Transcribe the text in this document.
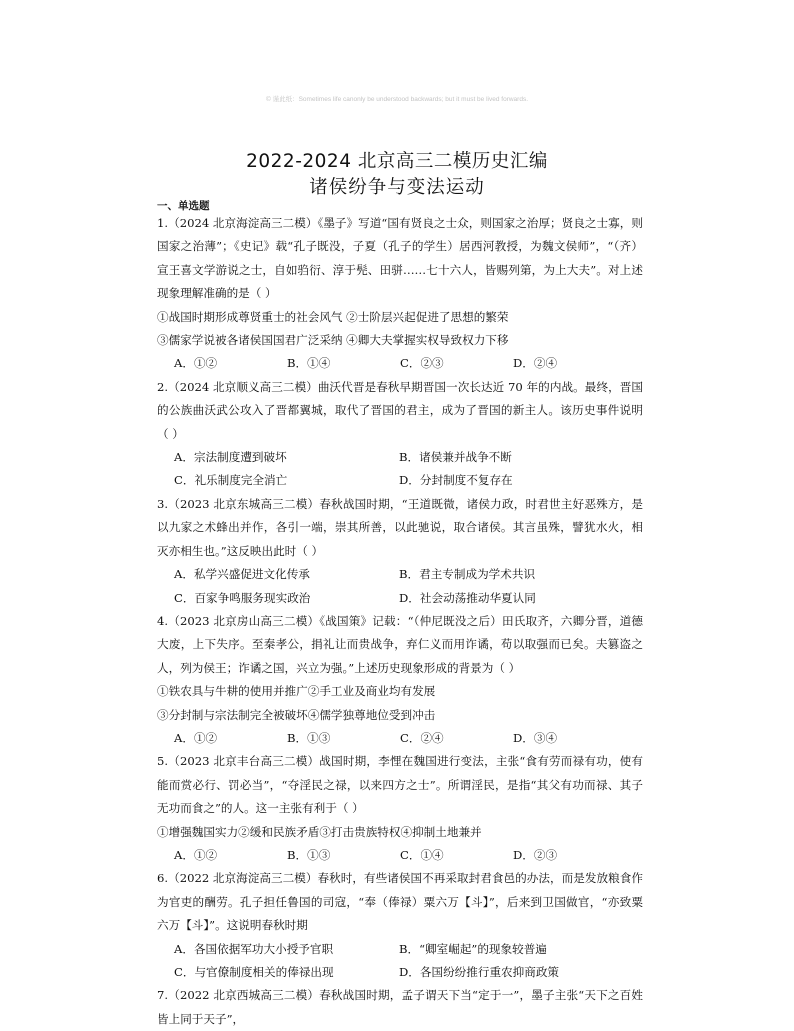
© 谨此纸：Sometimes life canonly be understood backwards; but it must be lived forwards.
2022-2024 北京高三二模历史汇编
诸侯纷争与变法运动
一、单选题
1.（2024 北京海淀高三二模）《墨子》写道“国有贤良之士众，则国家之治厚；贤良之士寡，则国家之治薄”；《史记》载“孔子既没，子夏（孔子的学生）居西河教授，为魏文侯师”，“（齐）宣王喜文学游说之士，自如驺衍、淳于髡、田骈……七十六人，皆赐列第，为上大夫”。对上述现象理解准确的是（ ）
①战国时期形成尊贤重士的社会风气 ②士阶层兴起促进了思想的繁荣
③儒家学说被各诸侯国国君广泛采纳 ④卿大夫掌握实权导致权力下移
A．①②	B．①④	C．②③	D．②④
2.（2024 北京顺义高三二模）曲沃代晋是春秋早期晋国一次长达近 70 年的内战。最终，晋国的公族曲沃武公攻入了晋都翼城，取代了晋国的君主，成为了晋国的新主人。该历史事件说明（ ）
A．宗法制度遭到破坏	B．诸侯兼并战争不断
C．礼乐制度完全消亡	D．分封制度不复存在
3.（2023 北京东城高三二模）春秋战国时期，“王道既微，诸侯力政，时君世主好恶殊方，是以九家之术蜂出并作，各引一端，崇其所善，以此驰说，取合诸侯。其言虽殊，譬犹水火，相灭亦相生也。”这反映出此时（ ）
A．私学兴盛促进文化传承	B．君主专制成为学术共识
C．百家争鸣服务现实政治	D．社会动荡推动华夏认同
4.（2023 北京房山高三二模）《战国策》记载：“（仲尼既没之后）田氏取齐，六卿分晋，道德大废，上下失序。至秦孝公，捐礼让而贵战争，弃仁义而用诈谲，苟以取强而已矣。夫篡盗之人，列为侯王；诈谲之国，兴立为强。”上述历史现象形成的背景为（ ）
①铁农具与牛耕的使用并推广②手工业及商业均有发展
③分封制与宗法制完全被破坏④儒学独尊地位受到冲击
A．①②	B．①③	C．②④	D．③④
5.（2023 北京丰台高三二模）战国时期，李悝在魏国进行变法，主张“食有劳而禄有功，使有能而赏必行、罚必当”，“夺淫民之禄，以来四方之士”。所谓淫民，是指“其父有功而禄、其子无功而食之”的人。这一主张有利于（ ）
①增强魏国实力②缓和民族矛盾③打击贵族特权④抑制土地兼并
A．①②	B．①③	C．①④	D．②③
6.（2022 北京海淀高三二模）春秋时，有些诸侯国不再采取封君食邑的办法，而是发放粮食作为官吏的酬劳。孔子担任鲁国的司寇，“奉（俸禄）粟六万【斗】”，后来到卫国做官，“亦致粟六万【斗】”。这说明春秋时期
A．各国依据军功大小授予官职	B．“卿室崛起”的现象较普遍
C．与官僚制度相关的俸禄出现	D．各国纷纷推行重农抑商政策
7.（2022 北京西城高三二模）春秋战国时期，孟子谓天下当“定于一”，墨子主张“天下之百姓皆上同于天子”，
